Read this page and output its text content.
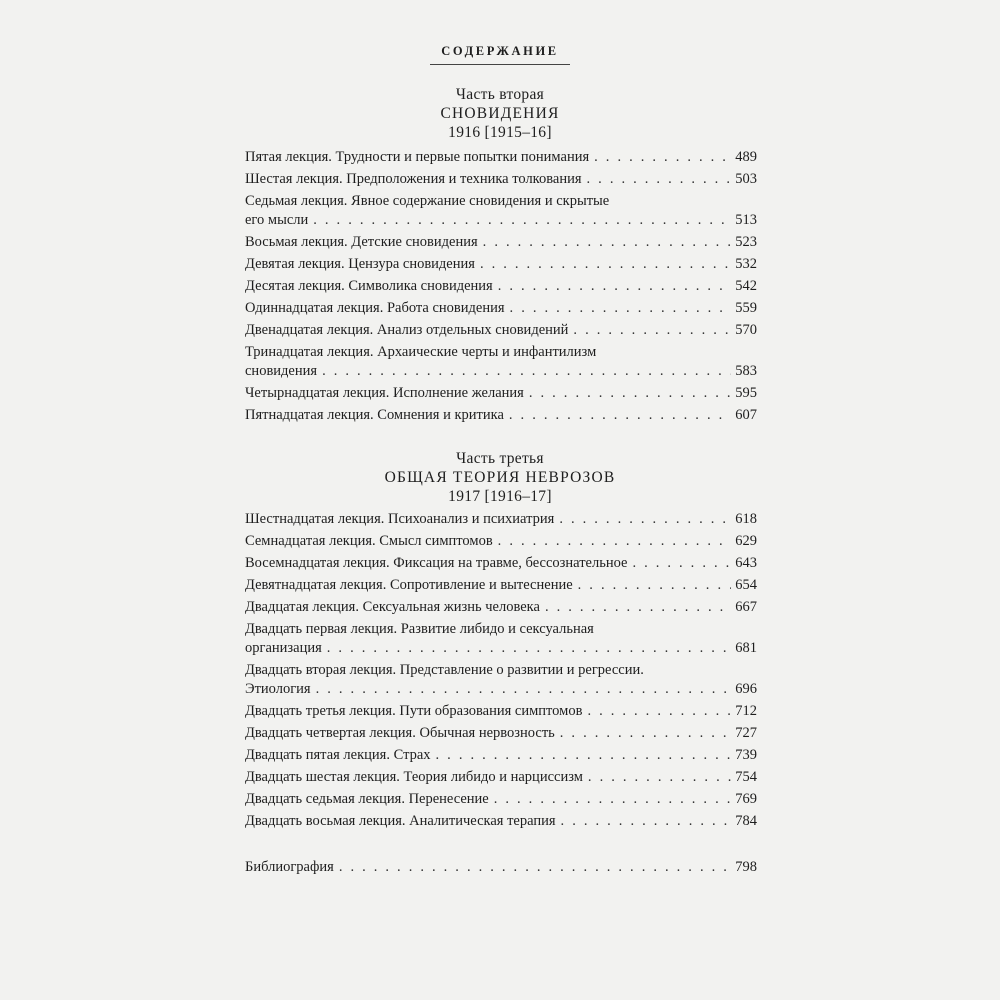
СОДЕРЖАНИЕ
Часть вторая
СНОВИДЕНИЯ
1916 [1915–16]
Пятая лекция. Трудности и первые попытки понимания . . .	489
Шестая лекция. Предположения и техника толкования . . .	503
Седьмая лекция. Явное содержание сновидения и скрытые
его мысли . . .	513
Восьмая лекция. Детские сновидения . . .	523
Девятая лекция. Цензура сновидения . . .	532
Десятая лекция. Символика сновидения . . .	542
Одиннадцатая лекция. Работа сновидения . . .	559
Двенадцатая лекция. Анализ отдельных сновидений . . .	570
Тринадцатая лекция. Архаические черты и инфантилизм
сновидения . . .	583
Четырнадцатая лекция. Исполнение желания . . .	595
Пятнадцатая лекция. Сомнения и критика . . .	607
Часть третья
ОБЩАЯ ТЕОРИЯ НЕВРОЗОВ
1917 [1916–17]
Шестнадцатая лекция. Психоанализ и психиатрия . . .	618
Семнадцатая лекция. Смысл симптомов . . .	629
Восемнадцатая лекция. Фиксация на травме, бессознательное . . .	643
Девятнадцатая лекция. Сопротивление и вытеснение . . .	654
Двадцатая лекция. Сексуальная жизнь человека . . .	667
Двадцать первая лекция. Развитие либидо и сексуальная
организация . . .	681
Двадцать вторая лекция. Представление о развитии и регрессии.
Этиология . . .	696
Двадцать третья лекция. Пути образования симптомов . . .	712
Двадцать четвертая лекция. Обычная нервозность . . .	727
Двадцать пятая лекция. Страх . . .	739
Двадцать шестая лекция. Теория либидо и нарциссизм . . .	754
Двадцать седьмая лекция. Перенесение . . .	769
Двадцать восьмая лекция. Аналитическая терапия . . .	784
Библиография . . .	798
